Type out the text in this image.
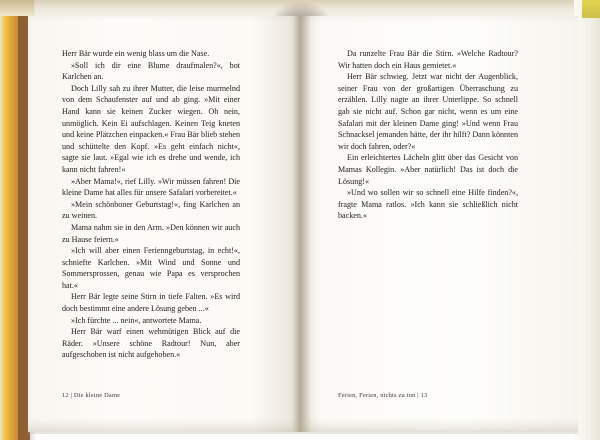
Herr Bär wurde ein wenig blass um die Nase.

»Soll ich dir eine Blume draufmalen?«, bot Karlchen an.

Doch Lilly sah zu ihrer Mutter, die leise murmelnd von dem Schaufenster auf und ab ging. »Mit einer Hand kann sie keinen Zucker wiegen. Oh nein, unmöglich. Kein Ei aufschlagen. Keinen Teig kneten und keine Plätzchen einpacken.« Frau Bär blieb stehen und schüttelte den Kopf. »Es geht einfach nicht«, sagte sie laut. »Egal wie ich es drehe und wende, ich kann nicht fahren!«

»Aber Mama!«, rief Lilly. »Wir müssen fahren! Die kleine Dame hat alles für unsere Safalari vorbereitet.«

»Mein schönboner Geburtstag!«, fing Karlchen an zu weinen.

Mama nahm sie in den Arm. »Den können wir auch zu Hause feiern.«

»Ich will aber einen Ferienngeburtstag, in echt!«, schniefte Karlchen. »Mit Wind und Sonne und Sommersprossen, genau wie Papa es versprochen hat.«

Herr Bär legte seine Stirn in tiefe Falten. »Es wird doch bestimmt eine andere Lösung geben ...«

»Ich fürchte ... nein«, antwortete Mama.

Herr Bär warf einen wehmütigen Blick auf die Räder. »Unsere schöne Radtour! Nun, aber aufgeschoben ist nicht aufgehoben.«

Da runzelte Frau Bär die Stirn. »Welche Radtour? Wir hatten doch ein Haus gemietet.«

Herr Bär schwieg. Jetzt war nicht der Augenblick, seiner Frau von der großartigen Überraschung zu erzählen. Lilly nagte an ihrer Unterlippe. So schnell gab sie nicht auf. Schon gar nicht, wenn es um eine Safalari mit der kleinen Dame ging! »Und wenn Frau Schnacksel jemanden hätte, der ihr hilft? Dann könnten wir doch fahren, oder?«

Ein erleichtertes Lächeln glitt über das Gesicht von Mamas Kollegin. »Aber natürlich! Das ist doch die Lösung!«

»Und wo sollen wir so schnell eine Hilfe finden?«, fragte Mama ratlos. »Ich kann sie schließlich nicht backen.«

12 | Die kleine Dame	Ferien, Ferien, nichts zu tun | 13
